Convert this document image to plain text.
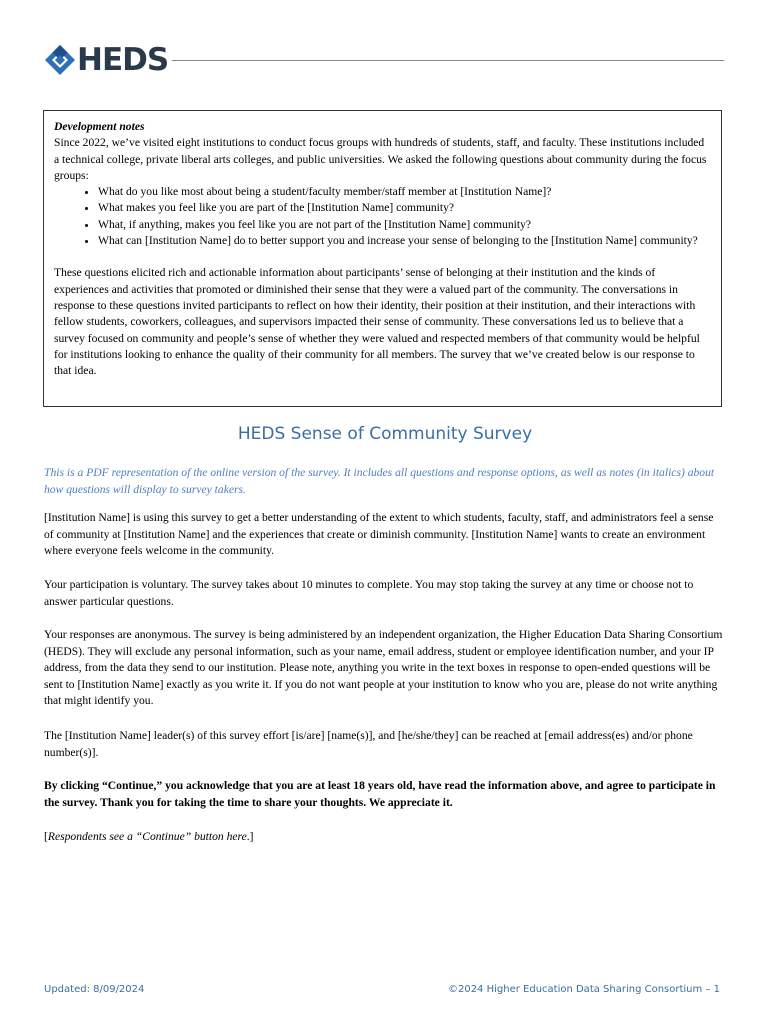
HEDS
Development notes

Since 2022, we’ve visited eight institutions to conduct focus groups with hundreds of students, staff, and faculty. These institutions included a technical college, private liberal arts colleges, and public universities. We asked the following questions about community during the focus groups:

• What do you like most about being a student/faculty member/staff member at [Institution Name]?
• What makes you feel like you are part of the [Institution Name] community?
• What, if anything, makes you feel like you are not part of the [Institution Name] community?
• What can [Institution Name] do to better support you and increase your sense of belonging to the [Institution Name] community?

These questions elicited rich and actionable information about participants’ sense of belonging at their institution and the kinds of experiences and activities that promoted or diminished their sense that they were a valued part of the community. The conversations in response to these questions invited participants to reflect on how their identity, their position at their institution, and their interactions with fellow students, coworkers, colleagues, and supervisors impacted their sense of community. These conversations led us to believe that a survey focused on community and people’s sense of whether they were valued and respected members of that community would be helpful for institutions looking to enhance the quality of their community for all members. The survey that we’ve created below is our response to that idea.

HEDS Sense of Community Survey
This is a PDF representation of the online version of the survey. It includes all questions and response options, as well as notes (in italics) about how questions will display to survey takers.

[Institution Name] is using this survey to get a better understanding of the extent to which students, faculty, staff, and administrators feel a sense of community at [Institution Name] and the experiences that create or diminish community. [Institution Name] wants to create an environment where everyone feels welcome in the community.

Your participation is voluntary. The survey takes about 10 minutes to complete. You may stop taking the survey at any time or choose not to answer particular questions.

Your responses are anonymous. The survey is being administered by an independent organization, the Higher Education Data Sharing Consortium (HEDS). They will exclude any personal information, such as your name, email address, student or employee identification number, and your IP address, from the data they send to our institution. Please note, anything you write in the text boxes in response to open-ended questions will be sent to [Institution Name] exactly as you write it. If you do not want people at your institution to know who you are, please do not write anything that might identify you.

The [Institution Name] leader(s) of this survey effort [is/are] [name(s)], and [he/she/they] can be reached at [email address(es) and/or phone number(s)].

By clicking “Continue,” you acknowledge that you are at least 18 years old, have read the information above, and agree to participate in the survey. Thank you for taking the time to share your thoughts. We appreciate it.

[Respondents see a “Continue” button here.]

Updated: 8/09/2024	©2024 Higher Education Data Sharing Consortium – 1
